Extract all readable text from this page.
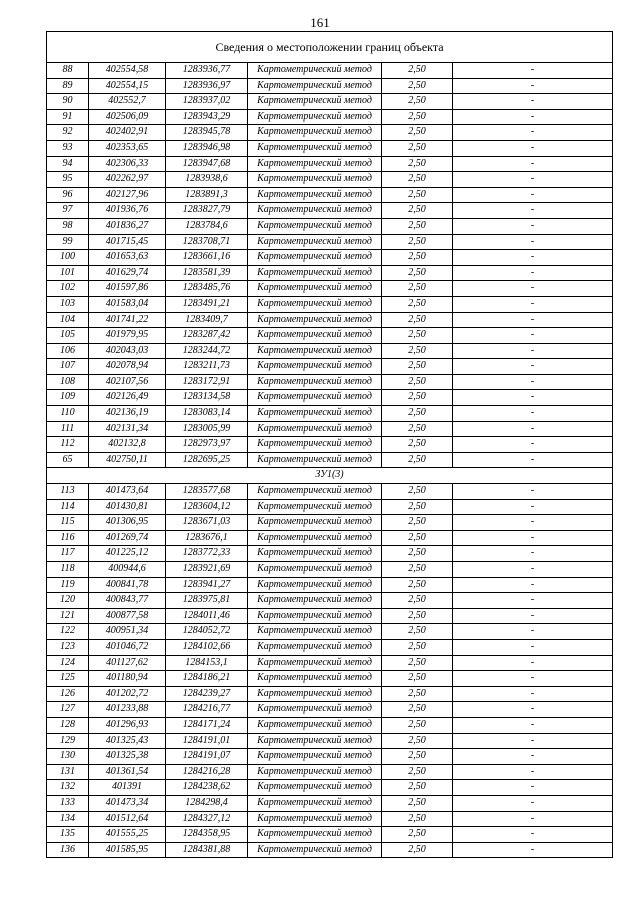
161
Сведения о местоположении границ объекта					
88	402554,58	1283936,77	Картометрический метод	2,50	-
89	402554,15	1283936,97	Картометрический метод	2,50	-
90	402552,7	1283937,02	Картометрический метод	2,50	-
91	402506,09	1283943,29	Картометрический метод	2,50	-
92	402402,91	1283945,78	Картометрический метод	2,50	-
93	402353,65	1283946,98	Картометрический метод	2,50	-
94	402306,33	1283947,68	Картометрический метод	2,50	-
95	402262,97	1283938,6	Картометрический метод	2,50	-
96	402127,96	1283891,3	Картометрический метод	2,50	-
97	401936,76	1283827,79	Картометрический метод	2,50	-
98	401836,27	1283784,6	Картометрический метод	2,50	-
99	401715,45	1283708,71	Картометрический метод	2,50	-
100	401653,63	1283661,16	Картометрический метод	2,50	-
101	401629,74	1283581,39	Картометрический метод	2,50	-
102	401597,86	1283485,76	Картометрический метод	2,50	-
103	401583,04	1283491,21	Картометрический метод	2,50	-
104	401741,22	1283409,7	Картометрический метод	2,50	-
105	401979,95	1283287,42	Картометрический метод	2,50	-
106	402043,03	1283244,72	Картометрический метод	2,50	-
107	402078,94	1283211,73	Картометрический метод	2,50	-
108	402107,56	1283172,91	Картометрический метод	2,50	-
109	402126,49	1283134,58	Картометрический метод	2,50	-
110	402136,19	1283083,14	Картометрический метод	2,50	-
111	402131,34	1283005,99	Картометрический метод	2,50	-
112	402132,8	1282973,97	Картометрический метод	2,50	-
65	402750,11	1282695,25	Картометрический метод	2,50	-
ЗУ1(3)					
113	401473,64	1283577,68	Картометрический метод	2,50	-
114	401430,81	1283604,12	Картометрический метод	2,50	-
115	401306,95	1283671,03	Картометрический метод	2,50	-
116	401269,74	1283676,1	Картометрический метод	2,50	-
117	401225,12	1283772,33	Картометрический метод	2,50	-
118	400944,6	1283921,69	Картометрический метод	2,50	-
119	400841,78	1283941,27	Картометрический метод	2,50	-
120	400843,77	1283975,81	Картометрический метод	2,50	-
121	400877,58	1284011,46	Картометрический метод	2,50	-
122	400951,34	1284052,72	Картометрический метод	2,50	-
123	401046,72	1284102,66	Картометрический метод	2,50	-
124	401127,62	1284153,1	Картометрический метод	2,50	-
125	401180,94	1284186,21	Картометрический метод	2,50	-
126	401202,72	1284239,27	Картометрический метод	2,50	-
127	401233,88	1284216,77	Картометрический метод	2,50	-
128	401296,93	1284171,24	Картометрический метод	2,50	-
129	401325,43	1284191,01	Картометрический метод	2,50	-
130	401325,38	1284191,07	Картометрический метод	2,50	-
131	401361,54	1284216,28	Картометрический метод	2,50	-
132	401391	1284238,62	Картометрический метод	2,50	-
133	401473,34	1284298,4	Картометрический метод	2,50	-
134	401512,64	1284327,12	Картометрический метод	2,50	-
135	401555,25	1284358,95	Картометрический метод	2,50	-
136	401585,95	1284381,88	Картометрический метод	2,50	-
